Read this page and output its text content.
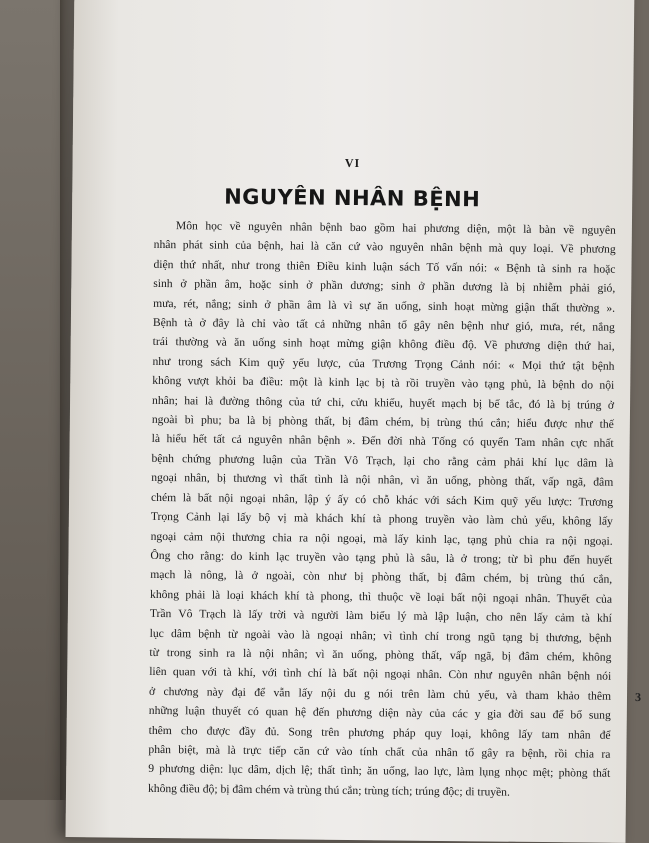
VI
NGUYÊN NHÂN BỆNH
Môn học về nguyên nhân bệnh bao gồm hai phương diện, một là bàn về nguyên
nhân phát sinh của bệnh, hai là căn cứ vào nguyên nhân bệnh mà quy loại. Về phương
diện thứ nhất, như trong thiên Điều kinh luận sách Tố vấn nói: « Bệnh tà sinh ra hoặc
sinh ở phần âm, hoặc sinh ở phần dương; sinh ở phần dương là bị nhiễm phải gió,
mưa, rét, nắng; sinh ở phần âm là vì sự ăn uống, sinh hoạt mừng giận thất thường ».
Bệnh tà ở đây là chỉ vào tất cả những nhân tố gây nên bệnh như gió, mưa, rét, nắng
trái thường và ăn uống sinh hoạt mừng giận không điều độ. Về phương diện thứ hai,
như trong sách Kim quỹ yếu lược, của Trương Trọng Cảnh nói: « Mọi thứ tật bệnh
không vượt khỏi ba điều: một là kinh lạc bị tà rồi truyền vào tạng phủ, là bệnh do nội
nhân; hai là đường thông của tứ chi, cửu khiếu, huyết mạch bị bế tắc, đó là bị trúng ở
ngoài bì phu; ba là bị phòng thất, bị đâm chém, bị trùng thú cắn; hiểu được như thế
là hiểu hết tất cả nguyên nhân bệnh ». Đến đời nhà Tống có quyển Tam nhân cực nhất
bệnh chứng phương luận của Trần Vô Trạch, lại cho rằng cảm phải khí lục dâm là
ngoại nhân, bị thương vì thất tình là nội nhân, vì ăn uống, phòng thất, vấp ngã, đâm
chém là bất nội ngoại nhân, lập ý ấy có chỗ khác với sách Kim quỹ yếu lược: Trương
Trọng Cảnh lại lấy bộ vị mà khách khí tà phong truyền vào làm chủ yếu, không lấy
ngoại cảm nội thương chia ra nội ngoại, mà lấy kinh lạc, tạng phủ chia ra nội ngoại.
Ông cho rằng: do kinh lạc truyền vào tạng phủ là sâu, là ở trong; từ bì phu đến huyết
mạch là nông, là ở ngoài, còn như bị phòng thất, bị đâm chém, bị trùng thú cắn,
không phải là loại khách khí tà phong, thì thuộc về loại bất nội ngoại nhân. Thuyết của
Trần Vô Trạch là lấy trời và người làm biểu lý mà lập luận, cho nên lấy cảm tà khí
lục dâm bệnh từ ngoài vào là ngoại nhân; vì tình chí trong ngũ tạng bị thương, bệnh
từ trong sinh ra là nội nhân; vì ăn uống, phòng thất, vấp ngã, bị đâm chém, không
liên quan với tà khí, với tình chí là bất nội ngoại nhân. Còn như nguyên nhân bệnh nói
ở chương này đại để vẫn lấy nội du g nói trên làm chủ yếu, và tham khảo thêm
những luận thuyết có quan hệ đến phương diện này của các y gia đời sau để bổ sung
thêm cho được đầy đủ. Song trên phương pháp quy loại, không lấy tam nhân để
phân biệt, mà là trực tiếp căn cứ vào tính chất của nhân tố gây ra bệnh, rồi chia ra
9 phương diện: lục dâm, dịch lệ; thất tình; ăn uống, lao lực, làm lụng nhọc mệt; phòng thất
không điều độ; bị đâm chém và trùng thú cắn; trùng tích; trúng độc; di truyền.
3
